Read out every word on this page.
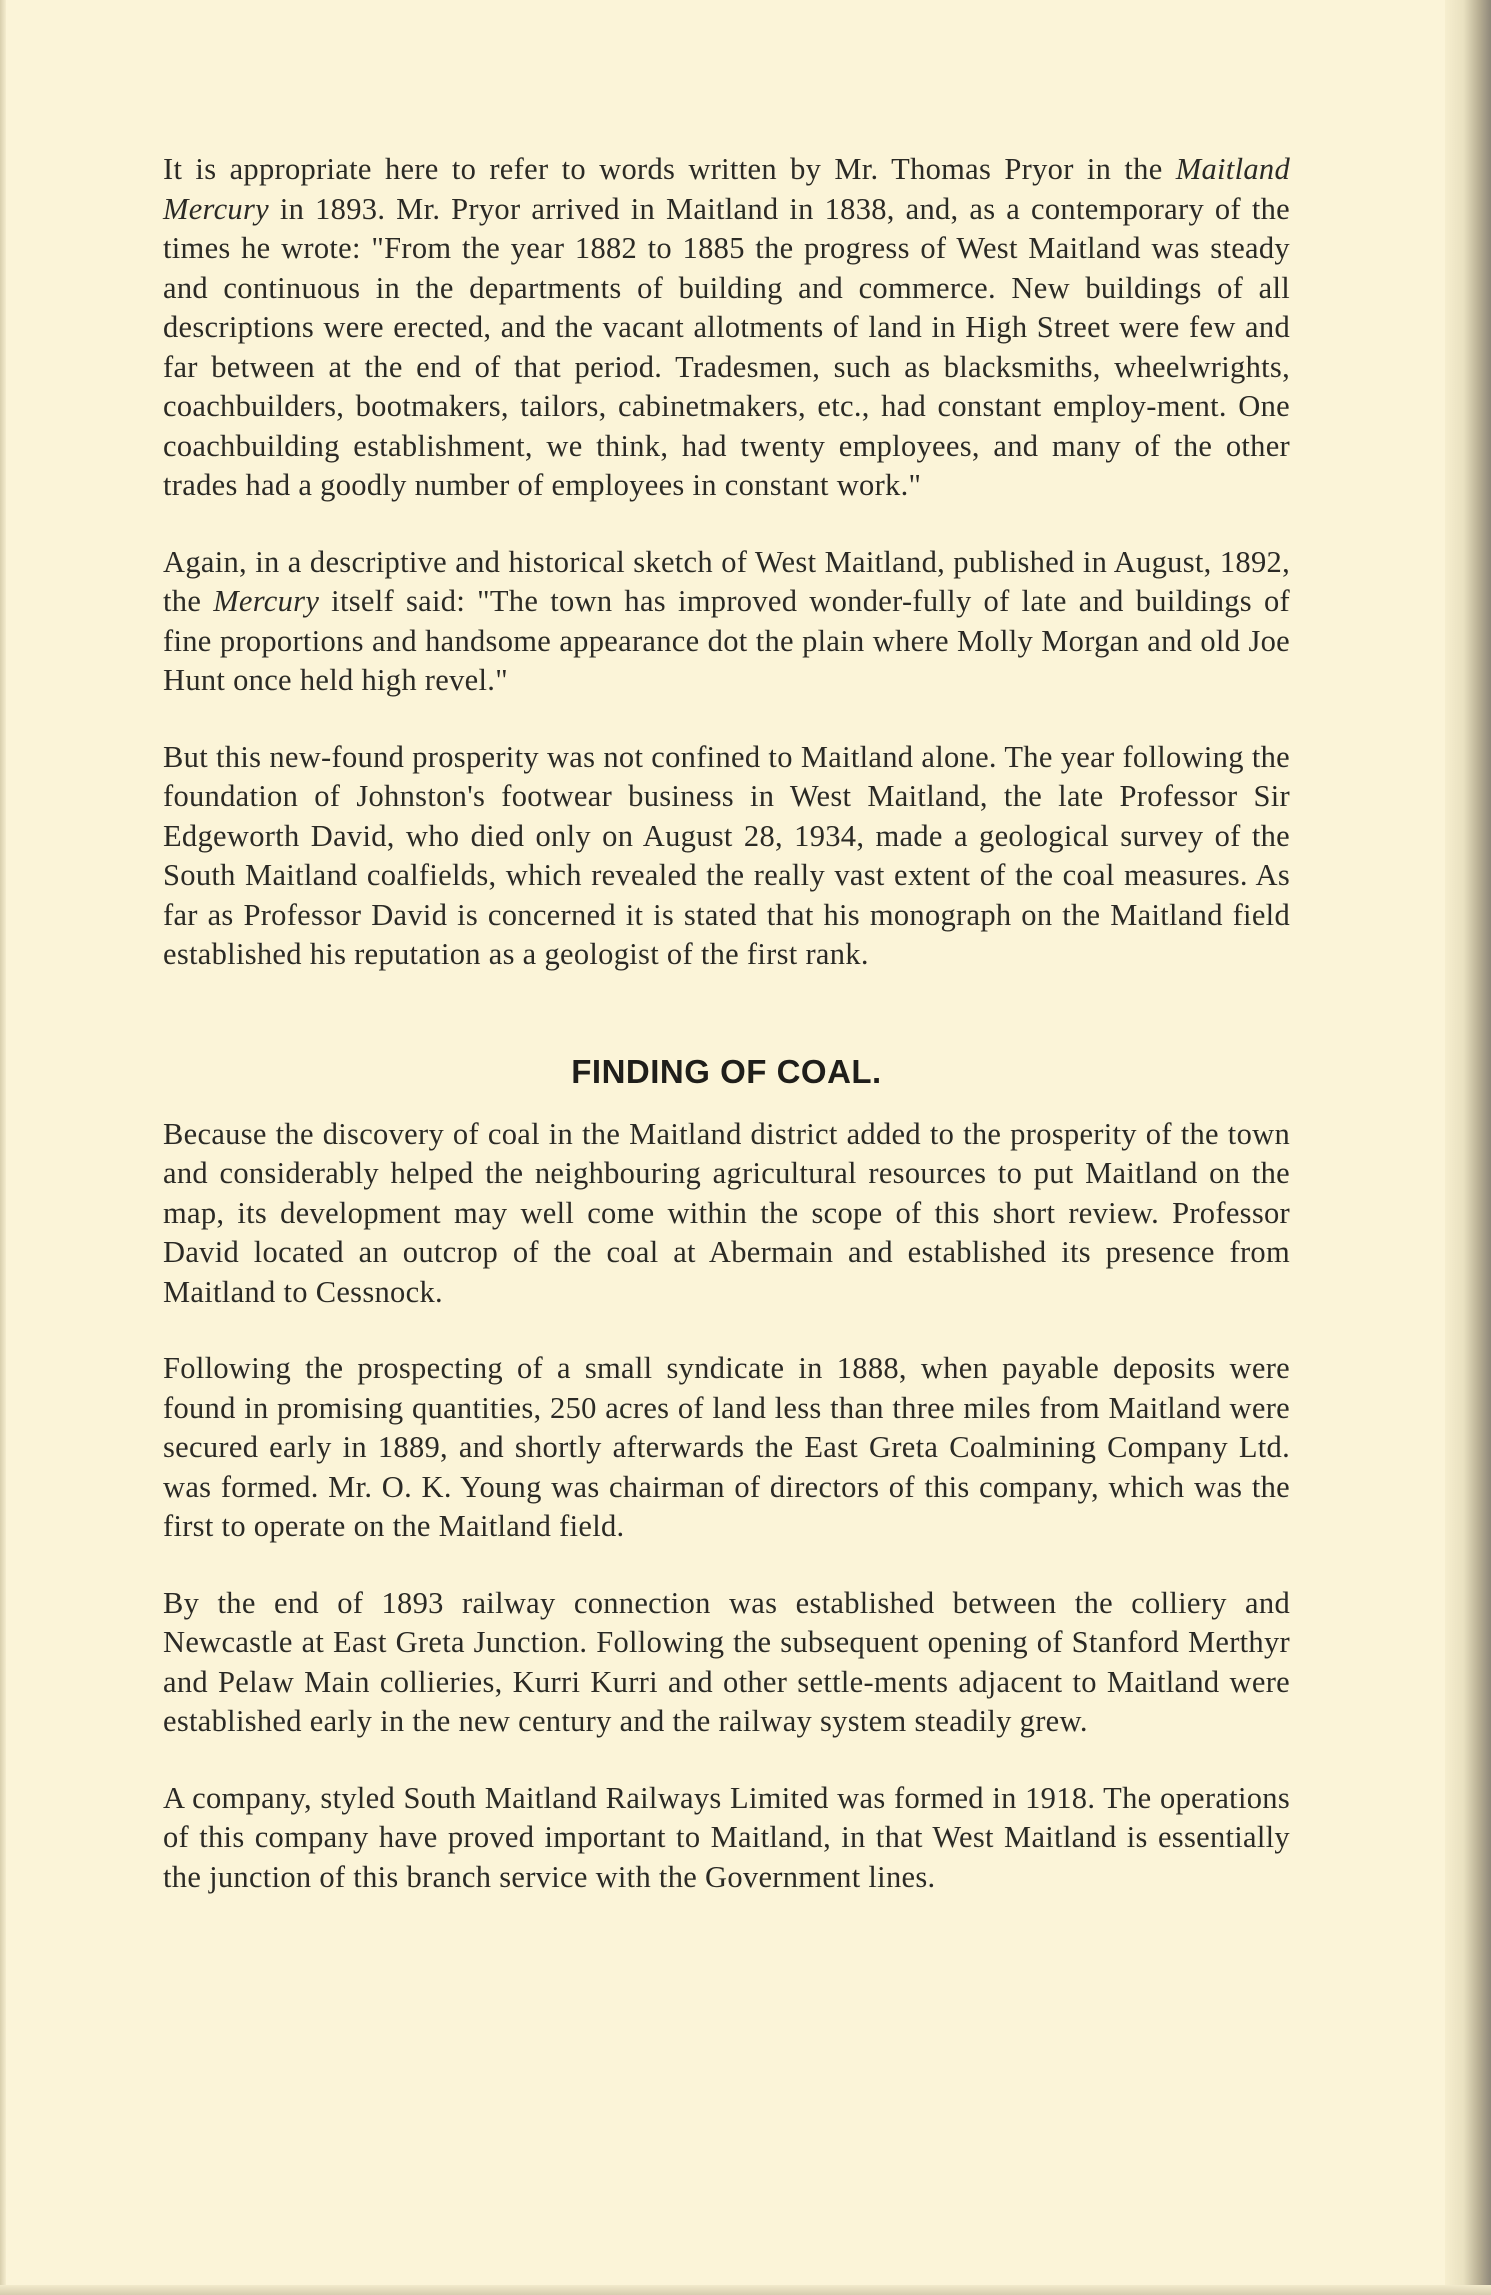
It is appropriate here to refer to words written by Mr. Thomas Pryor in the Maitland Mercury in 1893. Mr. Pryor arrived in Maitland in 1838, and, as a contemporary of the times he wrote: "From the year 1882 to 1885 the progress of West Maitland was steady and continuous in the departments of building and commerce. New buildings of all descriptions were erected, and the vacant allotments of land in High Street were few and far between at the end of that period. Tradesmen, such as blacksmiths, wheelwrights, coachbuilders, bootmakers, tailors, cabinetmakers, etc., had constant employ-ment. One coachbuilding establishment, we think, had twenty employees, and many of the other trades had a goodly number of employees in constant work."

Again, in a descriptive and historical sketch of West Maitland, published in August, 1892, the Mercury itself said: "The town has improved wonder-fully of late and buildings of fine proportions and handsome appearance dot the plain where Molly Morgan and old Joe Hunt once held high revel."

But this new-found prosperity was not confined to Maitland alone. The year following the foundation of Johnston's footwear business in West Maitland, the late Professor Sir Edgeworth David, who died only on August 28, 1934, made a geological survey of the South Maitland coalfields, which revealed the really vast extent of the coal measures. As far as Professor David is concerned it is stated that his monograph on the Maitland field established his reputation as a geologist of the first rank.

FINDING OF COAL.

Because the discovery of coal in the Maitland district added to the prosperity of the town and considerably helped the neighbouring agricultural resources to put Maitland on the map, its development may well come within the scope of this short review. Professor David located an outcrop of the coal at Abermain and established its presence from Maitland to Cessnock.

Following the prospecting of a small syndicate in 1888, when payable deposits were found in promising quantities, 250 acres of land less than three miles from Maitland were secured early in 1889, and shortly afterwards the East Greta Coalmining Company Ltd. was formed. Mr. O. K. Young was chairman of directors of this company, which was the first to operate on the Maitland field.

By the end of 1893 railway connection was established between the colliery and Newcastle at East Greta Junction. Following the subsequent opening of Stanford Merthyr and Pelaw Main collieries, Kurri Kurri and other settle-ments adjacent to Maitland were established early in the new century and the railway system steadily grew.

A company, styled South Maitland Railways Limited was formed in 1918. The operations of this company have proved important to Maitland, in that West Maitland is essentially the junction of this branch service with the Government lines.
